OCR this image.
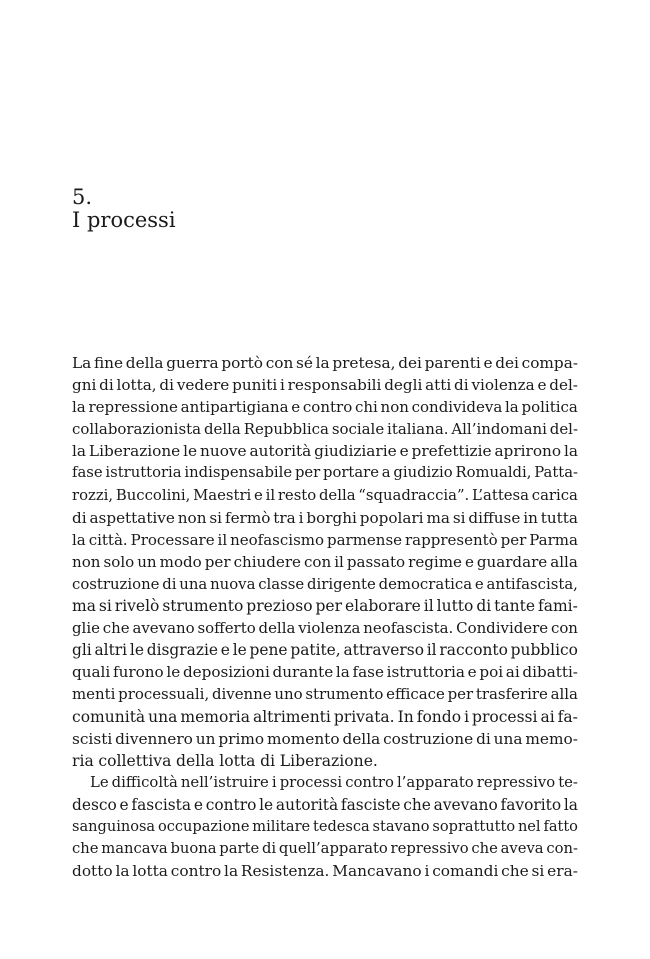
5.
I processi
La fine della guerra portò con sé la pretesa, dei parenti e dei compa-
gni di lotta, di vedere puniti i responsabili degli atti di violenza e del-
la repressione antipartigiana e contro chi non condivideva la politica
collaborazionista della Repubblica sociale italiana. All’indomani del-
la Liberazione le nuove autorità giudiziarie e prefettizie aprirono la
fase istruttoria indispensabile per portare a giudizio Romualdi, Patta-
rozzi, Buccolini, Maestri e il resto della “squadraccia”. L’attesa carica
di aspettative non si fermò tra i borghi popolari ma si diffuse in tutta
la città. Processare il neofascismo parmense rappresentò per Parma
non solo un modo per chiudere con il passato regime e guardare alla
costruzione di una nuova classe dirigente democratica e antifascista,
ma si rivelò strumento prezioso per elaborare il lutto di tante fami-
glie che avevano sofferto della violenza neofascista. Condividere con
gli altri le disgrazie e le pene patite, attraverso il racconto pubblico
quali furono le deposizioni durante la fase istruttoria e poi ai dibatti-
menti processuali, divenne uno strumento efficace per trasferire alla
comunità una memoria altrimenti privata. In fondo i processi ai fa-
scisti divennero un primo momento della costruzione di una memo-
ria collettiva della lotta di Liberazione.
Le difficoltà nell’istruire i processi contro l’apparato repressivo te-
desco e fascista e contro le autorità fasciste che avevano favorito la
sanguinosa occupazione militare tedesca stavano soprattutto nel fatto
che mancava buona parte di quell’apparato repressivo che aveva con-
dotto la lotta contro la Resistenza. Mancavano i comandi che si era-
